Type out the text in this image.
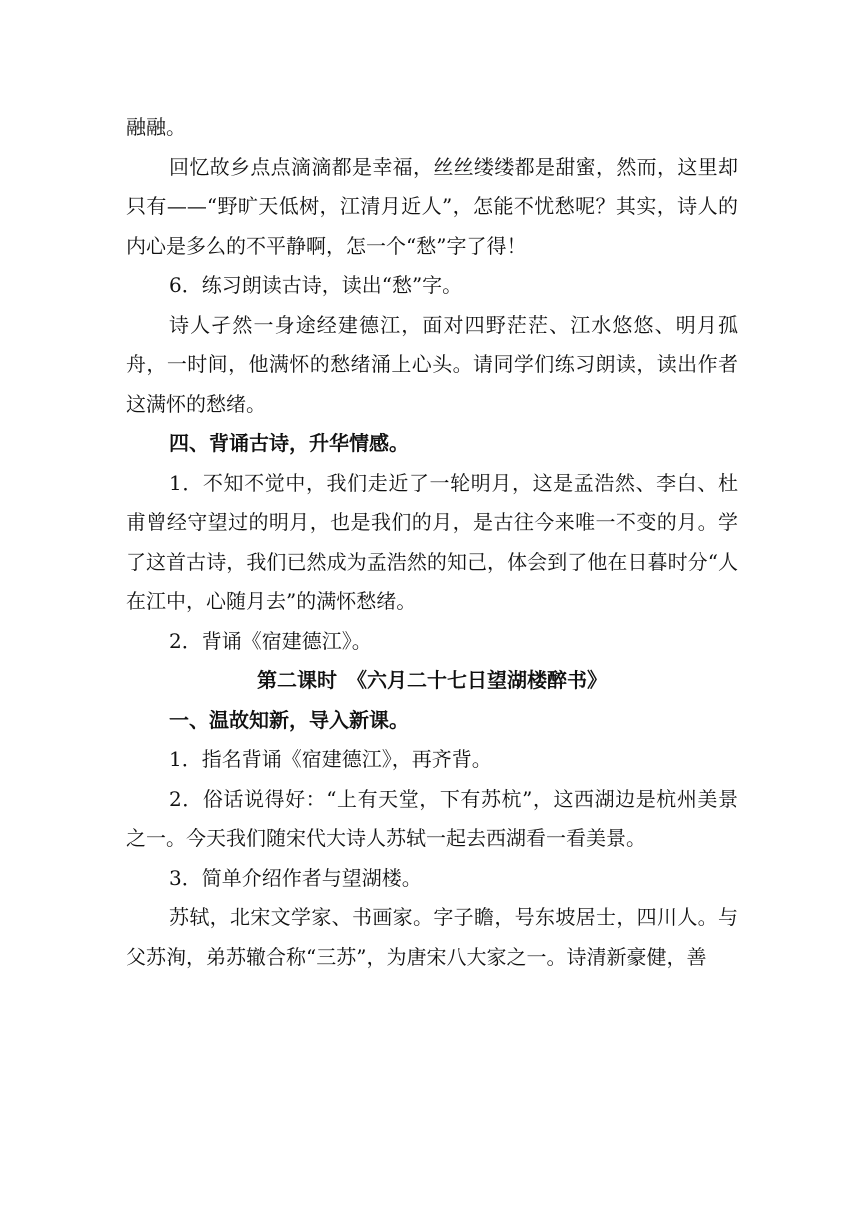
融融。

回忆故乡点点滴滴都是幸福，丝丝缕缕都是甜蜜，然而，这里却只有——“野旷天低树，江清月近人”，怎能不忧愁呢？其实，诗人的内心是多么的不平静啊，怎一个“愁”字了得！

6．练习朗读古诗，读出“愁”字。

诗人孑然一身途经建德江，面对四野茫茫、江水悠悠、明月孤舟，一时间，他满怀的愁绪涌上心头。请同学们练习朗读，读出作者这满怀的愁绪。

四、背诵古诗，升华情感。

1．不知不觉中，我们走近了一轮明月，这是孟浩然、李白、杜甫曾经守望过的明月，也是我们的月，是古往今来唯一不变的月。学了这首古诗，我们已然成为孟浩然的知己，体会到了他在日暮时分“人在江中，心随月去”的满怀愁绪。

2．背诵《宿建德江》。

第二课时　《六月二十七日望湖楼醉书》

一、温故知新，导入新课。

1．指名背诵《宿建德江》，再齐背。

2．俗话说得好：“上有天堂，下有苏杭”，这西湖边是杭州美景之一。今天我们随宋代大诗人苏轼一起去西湖看一看美景。

3．简单介绍作者与望湖楼。

苏轼，北宋文学家、书画家。字子瞻，号东坡居士，四川人。与父苏洵，弟苏辙合称“三苏”，为唐宋八大家之一。诗清新豪健，善
